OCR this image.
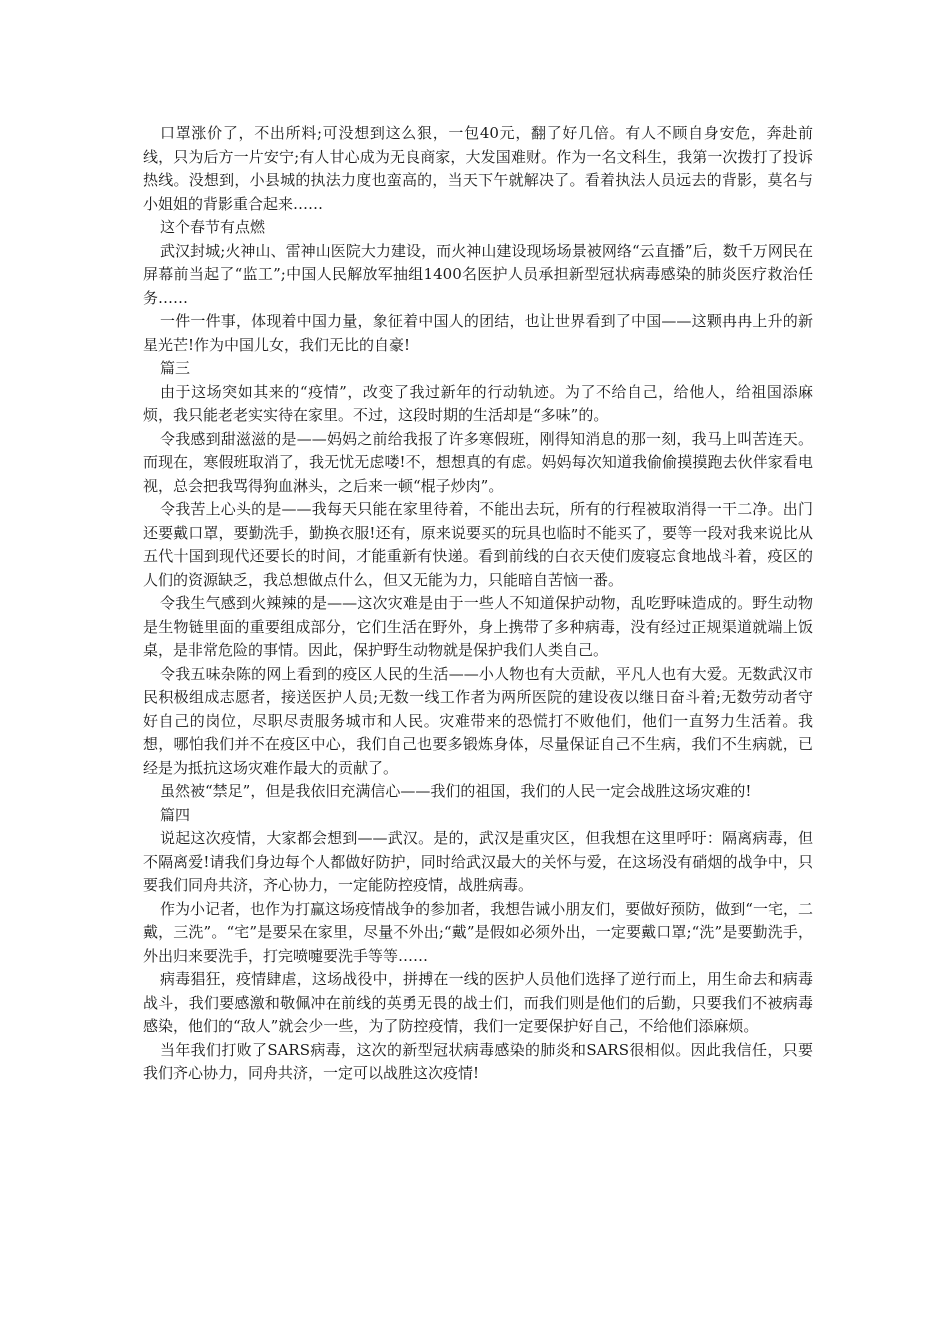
口罩涨价了，不出所料;可没想到这么狠，一包40元，翻了好几倍。有人不顾自身安危，奔赴前线，只为后方一片安宁;有人甘心成为无良商家，大发国难财。作为一名文科生，我第一次拨打了投诉热线。没想到，小县城的执法力度也蛮高的，当天下午就解决了。看着执法人员远去的背影，莫名与小姐姐的背影重合起来……

这个春节有点燃

武汉封城;火神山、雷神山医院大力建设，而火神山建设现场场景被网络“云直播”后，数千万网民在屏幕前当起了“监工”;中国人民解放军抽组1400名医护人员承担新型冠状病毒感染的肺炎医疗救治任务……

一件一件事，体现着中国力量，象征着中国人的团结，也让世界看到了中国——这颗冉冉上升的新星光芒!作为中国儿女，我们无比的自豪!

篇三

由于这场突如其来的“疫情”，改变了我过新年的行动轨迹。为了不给自己，给他人，给祖国添麻烦，我只能老老实实待在家里。不过，这段时期的生活却是“多味”的。

令我感到甜滋滋的是——妈妈之前给我报了许多寒假班，刚得知消息的那一刻，我马上叫苦连天。而现在，寒假班取消了，我无忧无虑喽!不，想想真的有虑。妈妈每次知道我偷偷摸摸跑去伙伴家看电视，总会把我骂得狗血淋头，之后来一顿“棍子炒肉”。

令我苦上心头的是——我每天只能在家里待着，不能出去玩，所有的行程被取消得一干二净。出门还要戴口罩，要勤洗手，勤换衣服!还有，原来说要买的玩具也临时不能买了，要等一段对我来说比从五代十国到现代还要长的时间，才能重新有快递。看到前线的白衣天使们废寝忘食地战斗着，疫区的人们的资源缺乏，我总想做点什么，但又无能为力，只能暗自苦恼一番。

令我生气感到火辣辣的是——这次灾难是由于一些人不知道保护动物，乱吃野味造成的。野生动物是生物链里面的重要组成部分，它们生活在野外，身上携带了多种病毒，没有经过正规渠道就端上饭桌，是非常危险的事情。因此，保护野生动物就是保护我们人类自己。

令我五味杂陈的网上看到的疫区人民的生活——小人物也有大贡献，平凡人也有大爱。无数武汉市民积极组成志愿者，接送医护人员;无数一线工作者为两所医院的建设夜以继日奋斗着;无数劳动者守好自己的岗位，尽职尽责服务城市和人民。灾难带来的恐慌打不败他们，他们一直努力生活着。我想，哪怕我们并不在疫区中心，我们自己也要多锻炼身体，尽量保证自己不生病，我们不生病就，已经是为抵抗这场灾难作最大的贡献了。

虽然被“禁足”，但是我依旧充满信心——我们的祖国，我们的人民一定会战胜这场灾难的!

篇四

说起这次疫情，大家都会想到——武汉。是的，武汉是重灾区，但我想在这里呼吁：隔离病毒，但不隔离爱!请我们身边每个人都做好防护，同时给武汉最大的关怀与爱，在这场没有硝烟的战争中，只要我们同舟共济，齐心协力，一定能防控疫情，战胜病毒。

作为小记者，也作为打赢这场疫情战争的参加者，我想告诫小朋友们，要做好预防，做到“一宅，二戴，三洗”。“宅”是要呆在家里，尽量不外出;“戴”是假如必须外出，一定要戴口罩;“洗”是要勤洗手，外出归来要洗手，打完喷嚏要洗手等等……

病毒猖狂，疫情肆虐，这场战役中，拼搏在一线的医护人员他们选择了逆行而上，用生命去和病毒战斗，我们要感激和敬佩冲在前线的英勇无畏的战士们，而我们则是他们的后勤，只要我们不被病毒感染，他们的“敌人”就会少一些，为了防控疫情，我们一定要保护好自己，不给他们添麻烦。

当年我们打败了SARS病毒，这次的新型冠状病毒感染的肺炎和SARS很相似。因此我信任，只要我们齐心协力，同舟共济，一定可以战胜这次疫情!
